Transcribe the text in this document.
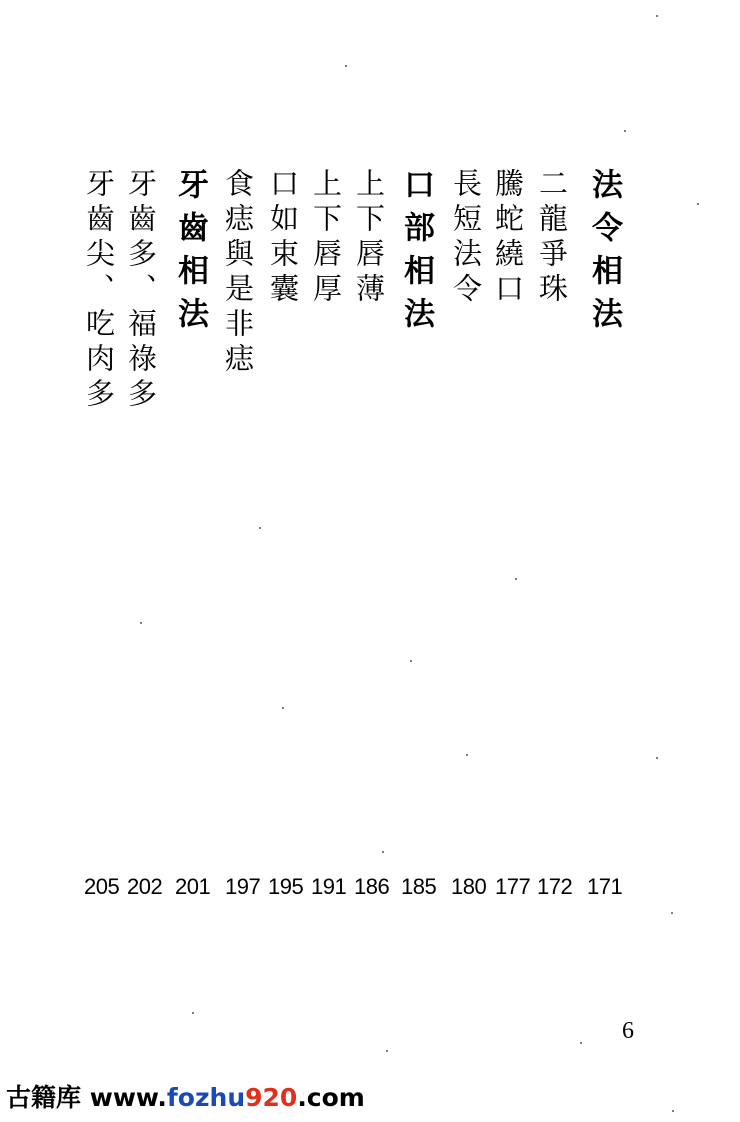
法令相法
二龍爭珠
騰蛇繞口
長短法令
口部相法
上下唇薄
上下唇厚
口如束囊
食痣與是非痣
牙齒相法
牙齒多、福祿多
牙齒尖、吃肉多
171
172
177
180
185
186
191
195
197
201
202
205
6
古籍库 www.fozhu920.com
